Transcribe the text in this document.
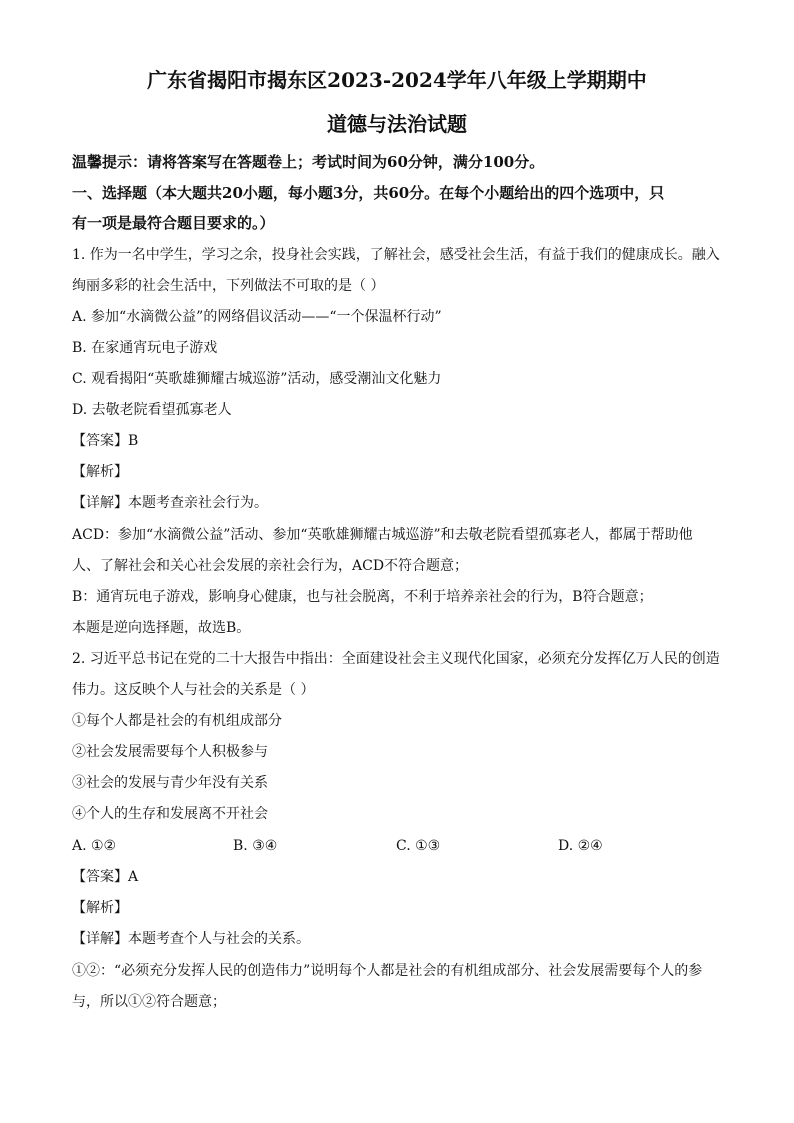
广东省揭阳市揭东区2023-2024学年八年级上学期期中
道德与法治试题
温馨提示：请将答案写在答题卷上；考试时间为60分钟，满分100分。
一、选择题（本大题共20小题，每小题3分，共60分。在每个小题给出的四个选项中，只
有一项是最符合题目要求的。）
1. 作为一名中学生，学习之余，投身社会实践，了解社会，感受社会生活，有益于我们的健康成长。融入
绚丽多彩的社会生活中，下列做法不可取的是（ ）
A. 参加“水滴微公益”的网络倡议活动——“一个保温杯行动”
B. 在家通宵玩电子游戏
C. 观看揭阳“英歌雄狮耀古城巡游”活动，感受潮汕文化魅力
D. 去敬老院看望孤寡老人
【答案】B
【解析】
【详解】本题考查亲社会行为。
ACD：参加“水滴微公益”活动、参加“英歌雄狮耀古城巡游”和去敬老院看望孤寡老人，都属于帮助他
人、了解社会和关心社会发展的亲社会行为，ACD不符合题意；
B：通宵玩电子游戏，影响身心健康，也与社会脱离，不利于培养亲社会的行为，B符合题意；
本题是逆向选择题，故选B。
2. 习近平总书记在党的二十大报告中指出：全面建设社会主义现代化国家，必须充分发挥亿万人民的创造
伟力。这反映个人与社会的关系是（ ）
①每个人都是社会的有机组成部分
②社会发展需要每个人积极参与
③社会的发展与青少年没有关系
④个人的生存和发展离不开社会
A. ①②	B. ③④	C. ①③	D. ②④
【答案】A
【解析】
【详解】本题考查个人与社会的关系。
①②：“必须充分发挥人民的创造伟力”说明每个人都是社会的有机组成部分、社会发展需要每个人的参
与，所以①②符合题意；
